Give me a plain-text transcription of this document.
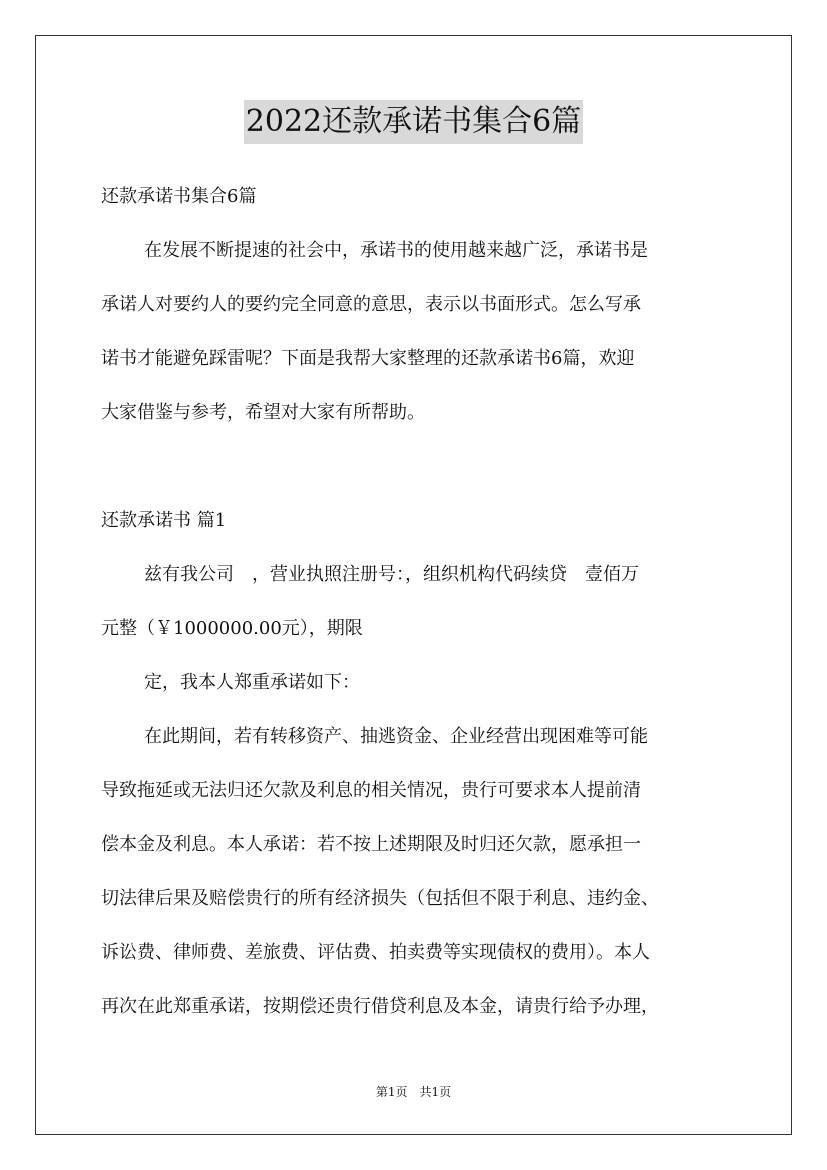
2022还款承诺书集合6篇

还款承诺书集合6篇

在发展不断提速的社会中，承诺书的使用越来越广泛，承诺书是

承诺人对要约人的要约完全同意的意思，表示以书面形式。怎么写承

诺书才能避免踩雷呢？下面是我帮大家整理的还款承诺书6篇，欢迎

大家借鉴与参考，希望对大家有所帮助。

还款承诺书 篇1

兹有我公司　，营业执照注册号：，组织机构代码续贷　壹佰万

元整（￥1000000.00元），期限

定，我本人郑重承诺如下：

在此期间，若有转移资产、抽逃资金、企业经营出现困难等可能

导致拖延或无法归还欠款及利息的相关情况，贵行可要求本人提前清

偿本金及利息。本人承诺：若不按上述期限及时归还欠款，愿承担一

切法律后果及赔偿贵行的所有经济损失（包括但不限于利息、违约金、

诉讼费、律师费、差旅费、评估费、拍卖费等实现债权的费用）。本人

再次在此郑重承诺，按期偿还贵行借贷利息及本金，请贵行给予办理，

第1页　共1页
